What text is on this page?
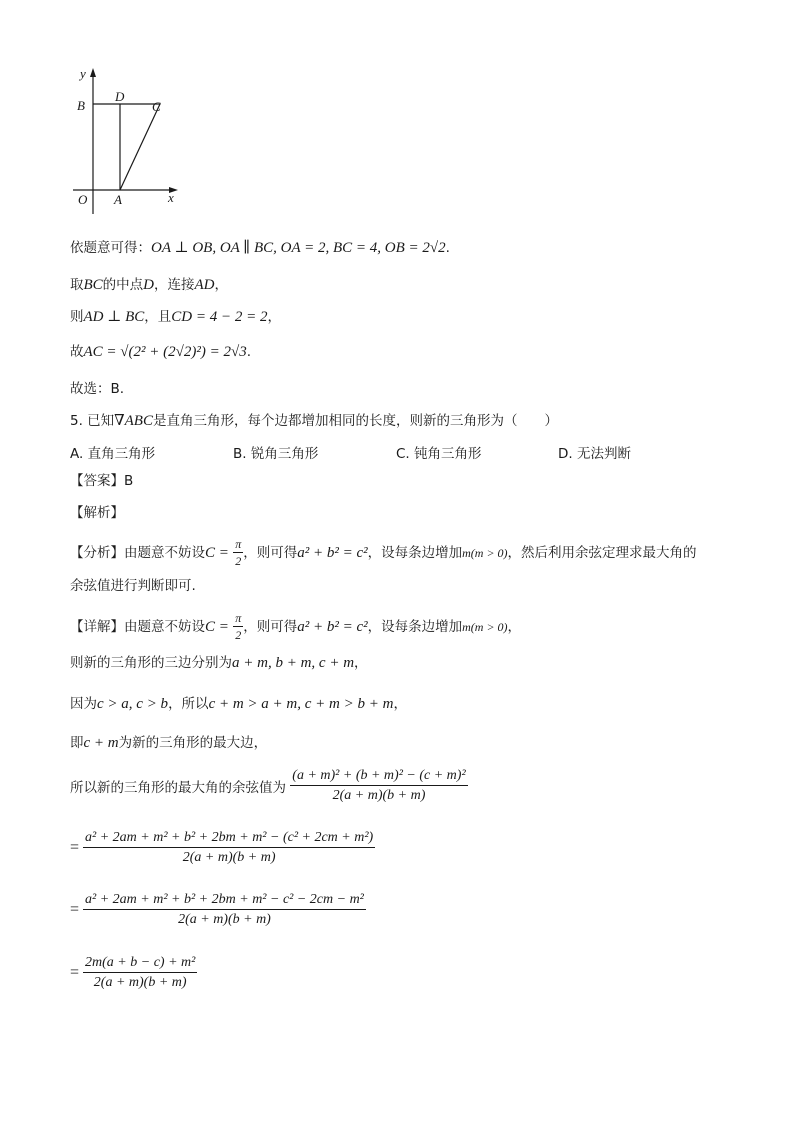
y
x
B
D
C
O A
依题意可得：OA ⊥ OB, OA ∥ BC, OA = 2, BC = 4, OB = 2√2.
取BC的中点D，连接AD，
则AD ⊥ BC，且CD = 4 − 2 = 2，
故AC = √(2² + (2√2)²) = 2√3.
故选：B.
5. 已知∇ABC是直角三角形，每个边都增加相同的长度，则新的三角形为（　　）
A. 直角三角形	B. 锐角三角形	C. 钝角三角形	D. 无法判断
【答案】B
【解析】
【分析】由题意不妨设$C = \frac{\pi}{2}$ ，则可得a² + b² = c²，设每条边增加m(m > 0)，然后利用余弦定理求最大角的
余弦值进行判断即可.
【详解】由题意不妨设$C = \frac{\pi}{2}$ ，则可得a² + b² = c²，设每条边增加m(m > 0)，
则新的三角形的三边分别为a + m, b + m, c + m，
因为c > a, c > b，所以c + m > a + m, c + m > b + m，
即c + m为新的三角形的最大边，
所以新的三角形的最大角的余弦值为 $\frac{\text{(a + m)² + (b + m)² − (c + m)²}}{2(a + m)(b + m)}$
= $\frac{\text{a² + 2am + m² + b² + 2bm + m² − (c² + 2cm + m²)}}{2(a + m)(b + m)}$
= $\frac{\text{a² + 2am + m² + b² + 2bm + m² − c² − 2cm − m²}}{2(a + m)(b + m)}$
= $\frac{\text{2m(a + b − c) + m²}}{2(a + m)(b + m)}$
